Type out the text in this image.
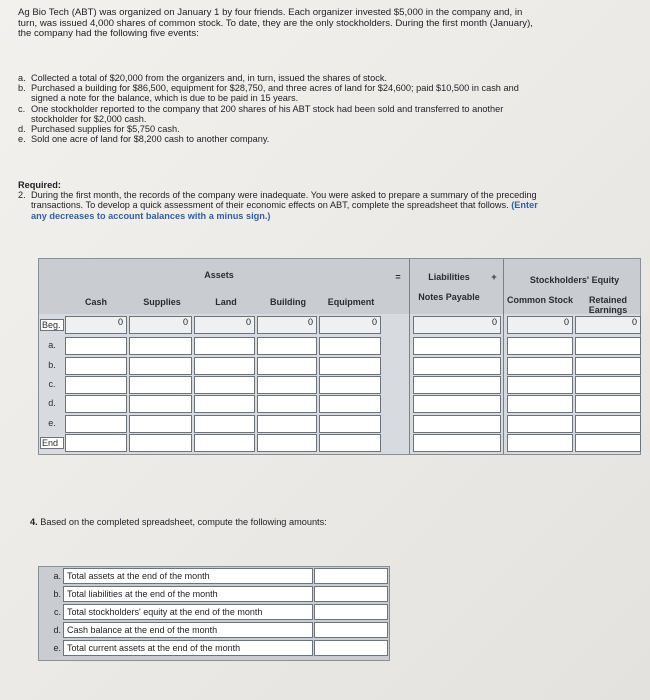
Ag Bio Tech (ABT) was organized on January 1 by four friends. Each organizer invested $5,000 in the company and, in turn, was issued 4,000 shares of common stock. To date, they are the only stockholders. During the first month (January), the company had the following five events:
a. Collected a total of $20,000 from the organizers and, in turn, issued the shares of stock.
b. Purchased a building for $86,500, equipment for $28,750, and three acres of land for $24,600; paid $10,500 in cash and signed a note for the balance, which is due to be paid in 15 years.
c. One stockholder reported to the company that 200 shares of his ABT stock had been sold and transferred to another stockholder for $2,000 cash.
d. Purchased supplies for $5,750 cash.
e. Sold one acre of land for $8,200 cash to another company.
Required:
2. During the first month, the records of the company were inadequate. You were asked to prepare a summary of the preceding transactions. To develop a quick assessment of their economic effects on ABT, complete the spreadsheet that follows. (Enter any decreases to account balances with a minus sign.)
Assets	=	Liabilities	+	Stockholders' Equity
Cash	Supplies	Land	Building	Equipment	Notes Payable	Common Stock	Retained Earnings
Beg.	0	0	0	0	0	0	0	0
a.
b.
c.
d.
e.
End
4. Based on the completed spreadsheet, compute the following amounts:
a. Total assets at the end of the month
b. Total liabilities at the end of the month
c. Total stockholders' equity at the end of the month
d. Cash balance at the end of the month
e. Total current assets at the end of the month
